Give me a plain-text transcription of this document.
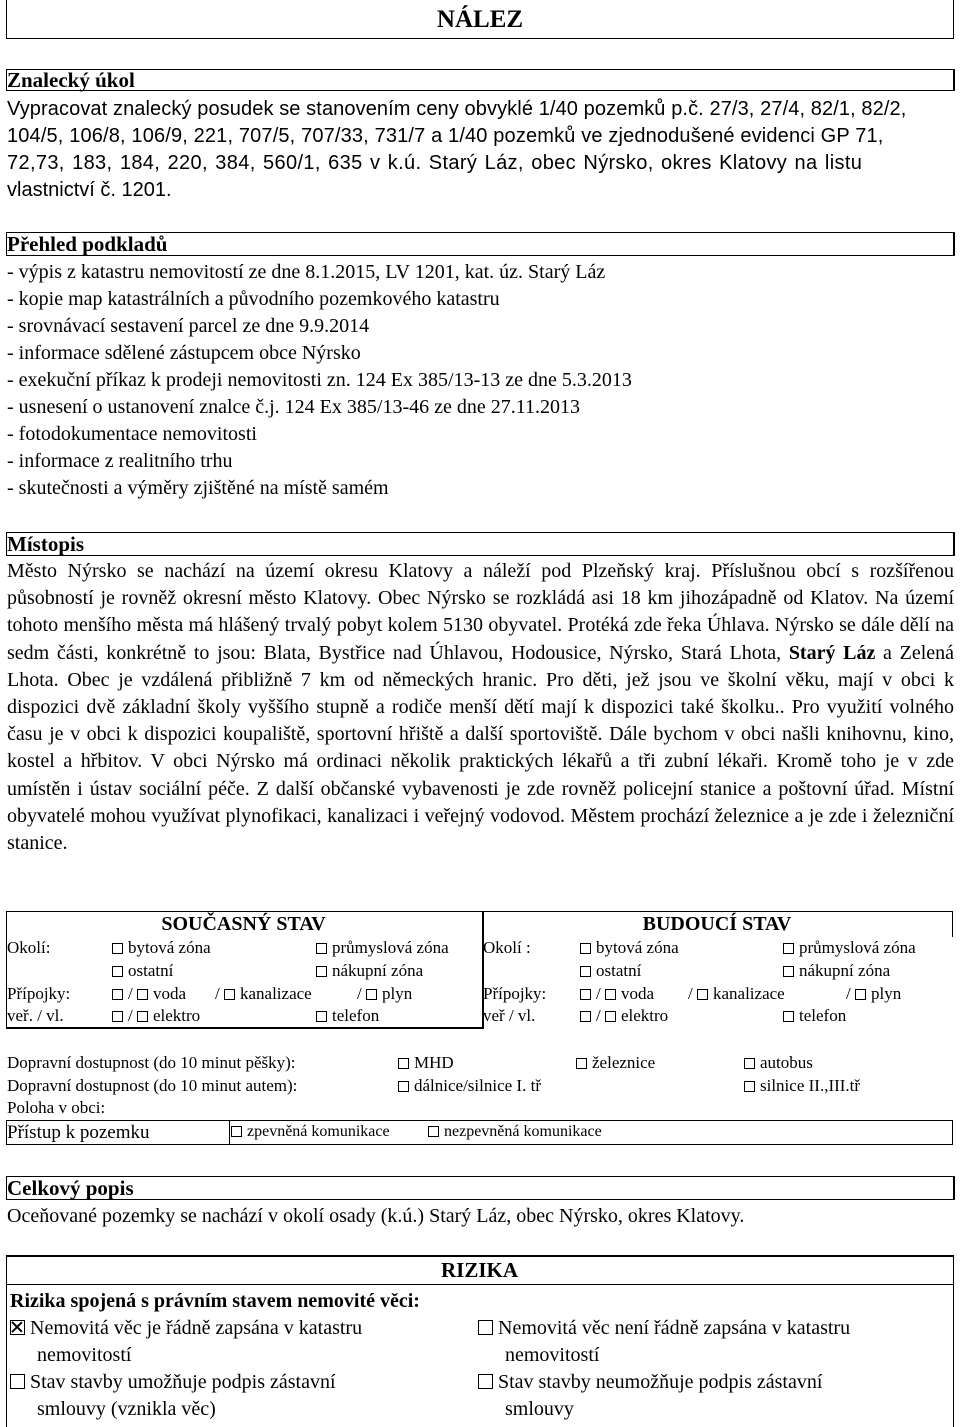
NÁLEZ
Znalecký úkol
Vypracovat znalecký posudek se stanovením ceny obvyklé 1/40 pozemků p.č. 27/3, 27/4, 82/1, 82/2,
104/5, 106/8, 106/9, 221, 707/5, 707/33, 731/7 a 1/40 pozemků ve zjednodušené evidenci GP 71,
72,73, 183, 184, 220, 384, 560/1, 635 v k.ú. Starý Láz, obec Nýrsko, okres Klatovy na listu
vlastnictví č. 1201.
Přehled podkladů
- výpis z katastru nemovitostí ze dne 8.1.2015, LV 1201, kat. úz. Starý Láz
- kopie map katastrálních a původního pozemkového katastru
- srovnávací sestavení parcel ze dne 9.9.2014
- informace sdělené zástupcem obce Nýrsko
- exekuční příkaz k prodeji nemovitosti zn. 124 Ex 385/13-13 ze dne 5.3.2013
- usnesení o ustanovení znalce č.j. 124 Ex 385/13-46 ze dne 27.11.2013
- fotodokumentace nemovitosti
- informace z realitního trhu
- skutečnosti a výměry zjištěné na místě samém
Místopis
Město Nýrsko se nachází na území okresu Klatovy a náleží pod Plzeňský kraj. Příslušnou obcí s rozšířenou působností je rovněž okresní město Klatovy. Obec Nýrsko se rozkládá asi 18 km jihozápadně od Klatov. Na území tohoto menšího města má hlášený trvalý pobyt kolem 5130 obyvatel. Protéká zde řeka Úhlava. Nýrsko se dále dělí na sedm části, konkrétně to jsou: Blata, Bystřice nad Úhlavou, Hodousice, Nýrsko, Stará Lhota, Starý Láz a Zelená Lhota. Obec je vzdálená přibližně 7 km od německých hranic. Pro děti, jež jsou ve školní věku, mají v obci k dispozici dvě základní školy vyššího stupně a rodiče menší dětí mají k dispozici také školku.. Pro využití volného času je v obci k dispozici koupaliště, sportovní hřiště a další sportoviště. Dále bychom v obci našli knihovnu, kino, kostel a hřbitov. V obci Nýrsko má ordinaci několik praktických lékařů a tři zubní lékaři. Kromě toho je v zde umístěn i ústav sociální péče. Z další občanské vybavenosti je zde rovněž policejní stanice a poštovní úřad. Místní obyvatelé mohou využívat plynofikaci, kanalizaci i veřejný vodovod. Městem prochází železnice a je zde i železniční stanice.
SOUČASNÝ STAV	BUDOUCÍ STAV
Okolí:	bytová zóna	průmyslová zóna
ostatní	nákupní zóna
Přípojky:	/ voda / kanalizace	/ plyn
veř. / vl.	/ elektro	telefon
Okolí :	bytová zóna	průmyslová zóna
ostatní	nákupní zóna
Přípojky:	/ voda / kanalizace	/ plyn
veř / vl.	/ elektro	telefon
Dopravní dostupnost (do 10 minut pěšky):	MHD	železnice	autobus
Dopravní dostupnost (do 10 minut autem):	dálnice/silnice I. tř	silnice II.,III.tř
Poloha v obci:
Přístup k pozemku	zpevněná komunikace	nezpevněná komunikace
Celkový popis
Oceňované pozemky se nachází v okolí osady (k.ú.) Starý Láz, obec Nýrsko, okres Klatovy.
RIZIKA
Rizika spojená s právním stavem nemovité věci:
Nemovitá věc je řádně zapsána v katastru
nemovitostí
Nemovitá věc není řádně zapsána v katastru
nemovitostí
Stav stavby umožňuje podpis zástavní
smlouvy (vznikla věc)
Stav stavby neumožňuje podpis zástavní
smlouvy
